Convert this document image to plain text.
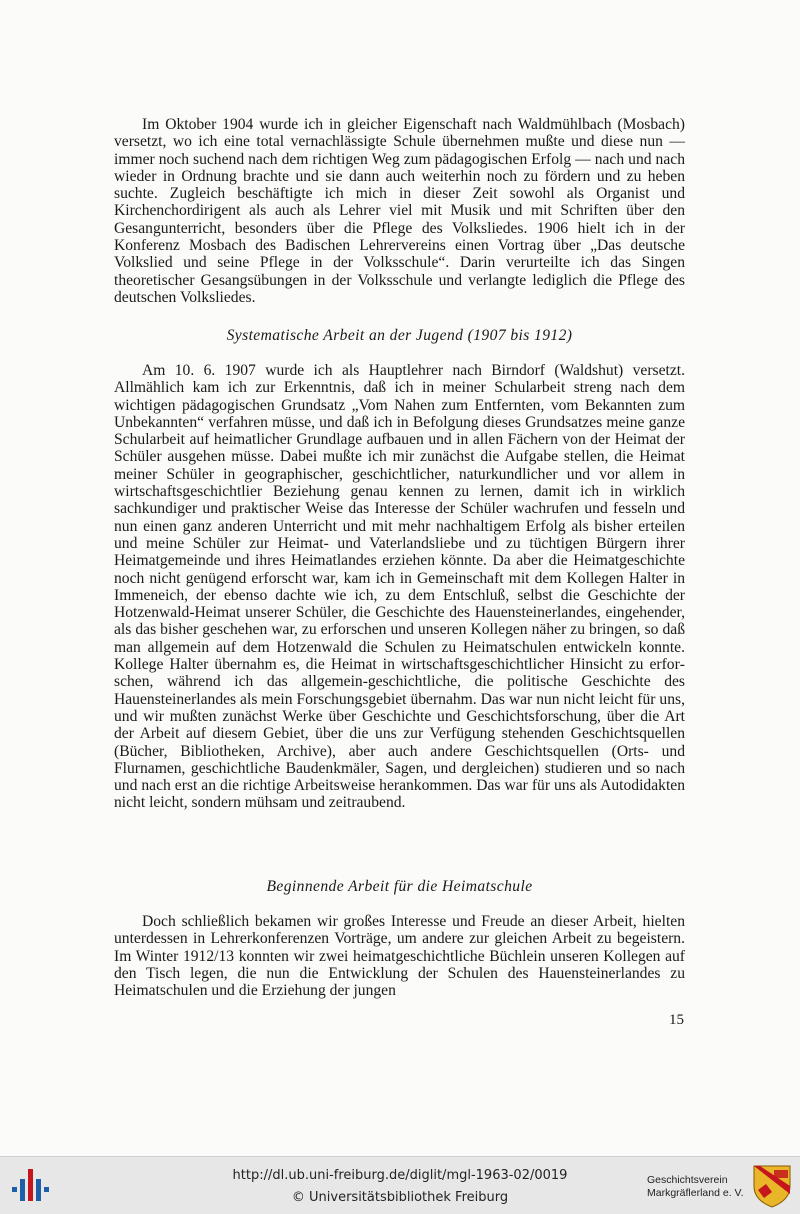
Im Oktober 1904 wurde ich in gleicher Eigenschaft nach Waldmühlbach (Mosbach) versetzt, wo ich eine total vernachlässigte Schule übernehmen mußte und diese nun — immer noch suchend nach dem richtigen Weg zum pädagogischen Erfolg — nach und nach wieder in Ordnung brachte und sie dann auch weiterhin noch zu fördern und zu heben suchte. Zugleich beschäftigte ich mich in dieser Zeit sowohl als Organist und Kirchenchordirigent als auch als Lehrer viel mit Musik und mit Schriften über den Gesangunterricht, besonders über die Pflege des Volksliedes. 1906 hielt ich in der Konferenz Mosbach des Badischen Lehrervereins einen Vortrag über „Das deutsche Volkslied und seine Pflege in der Volksschule“. Darin verurteilte ich das Singen theoretischer Gesangsübungen in der Volksschule und verlangte lediglich die Pflege des deutschen Volksliedes.

Systematische Arbeit an der Jugend (1907 bis 1912)

Am 10. 6. 1907 wurde ich als Hauptlehrer nach Birndorf (Waldshut) versetzt. Allmählich kam ich zur Erkenntnis, daß ich in meiner Schularbeit streng nach dem wichtigen pädagogischen Grundsatz „Vom Nahen zum Entfernten, vom Bekannten zum Unbekannten“ verfahren müsse, und daß ich in Befolgung dieses Grundsatzes meine ganze Schularbeit auf heimatlicher Grundlage aufbauen und in allen Fächern von der Heimat der Schüler ausgehen müsse. Dabei mußte ich mir zunächst die Aufgabe stellen, die Heimat meiner Schüler in geographischer, geschichtlicher, naturkundlicher und vor allem in wirtschaftsgeschichtlier Beziehung genau kennen zu lernen, damit ich in wirklich sachkundiger und praktischer Weise das Interesse der Schüler wachrufen und fesseln und nun einen ganz anderen Unterricht und mit mehr nachhaltigem Erfolg als bisher erteilen und meine Schüler zur Heimat- und Vaterlandsliebe und zu tüchtigen Bürgern ihrer Heimatgemeinde und ihres Heimatlandes erziehen könnte. Da aber die Heimatgeschichte noch nicht genügend erforscht war, kam ich in Gemeinschaft mit dem Kollegen Halter in Immeneich, der ebenso dachte wie ich, zu dem Entschluß, selbst die Geschichte der Hotzenwald-Heimat unserer Schüler, die Geschichte des Hauensteinerlandes, eingehender, als das bisher geschehen war, zu erforschen und unseren Kollegen näher zu bringen, so daß man allgemein auf dem Hotzenwald die Schulen zu Heimatschulen entwickeln konnte. Kollege Halter übernahm es, die Heimat in wirtschaftsgeschichtlicher Hinsicht zu erforschen, während ich das allgemein-geschichtliche, die politische Geschichte des Hauensteinerlandes als mein Forschungsgebiet übernahm. Das war nun nicht leicht für uns, und wir mußten zunächst Werke über Geschichte und Geschichtsforschung, über die Art der Arbeit auf diesem Gebiet, über die uns zur Verfügung stehenden Geschichtsquellen (Bücher, Bibliotheken, Archive), aber auch andere Geschichtsquellen (Orts- und Flurnamen, geschichtliche Baudenkmäler, Sagen, und dergleichen) studieren und so nach und nach erst an die richtige Arbeitsweise herankommen. Das war für uns als Autodidakten nicht leicht, sondern mühsam und zeitraubend.

Beginnende Arbeit für die Heimatschule

Doch schließlich bekamen wir großes Interesse und Freude an dieser Arbeit, hielten unterdessen in Lehrerkonferenzen Vorträge, um andere zur gleichen Arbeit zu begeistern. Im Winter 1912/13 konnten wir zwei heimatgeschichtliche Büchlein unseren Kollegen auf den Tisch legen, die nun die Entwicklung der Schulen des Hauensteinerlandes zu Heimatschulen und die Erziehung der jungen

15
http://dl.ub.uni-freiburg.de/diglit/mgl-1963-02/0019
© Universitätsbibliothek Freiburg
Geschichtsverein
Markgräflerland e. V.
